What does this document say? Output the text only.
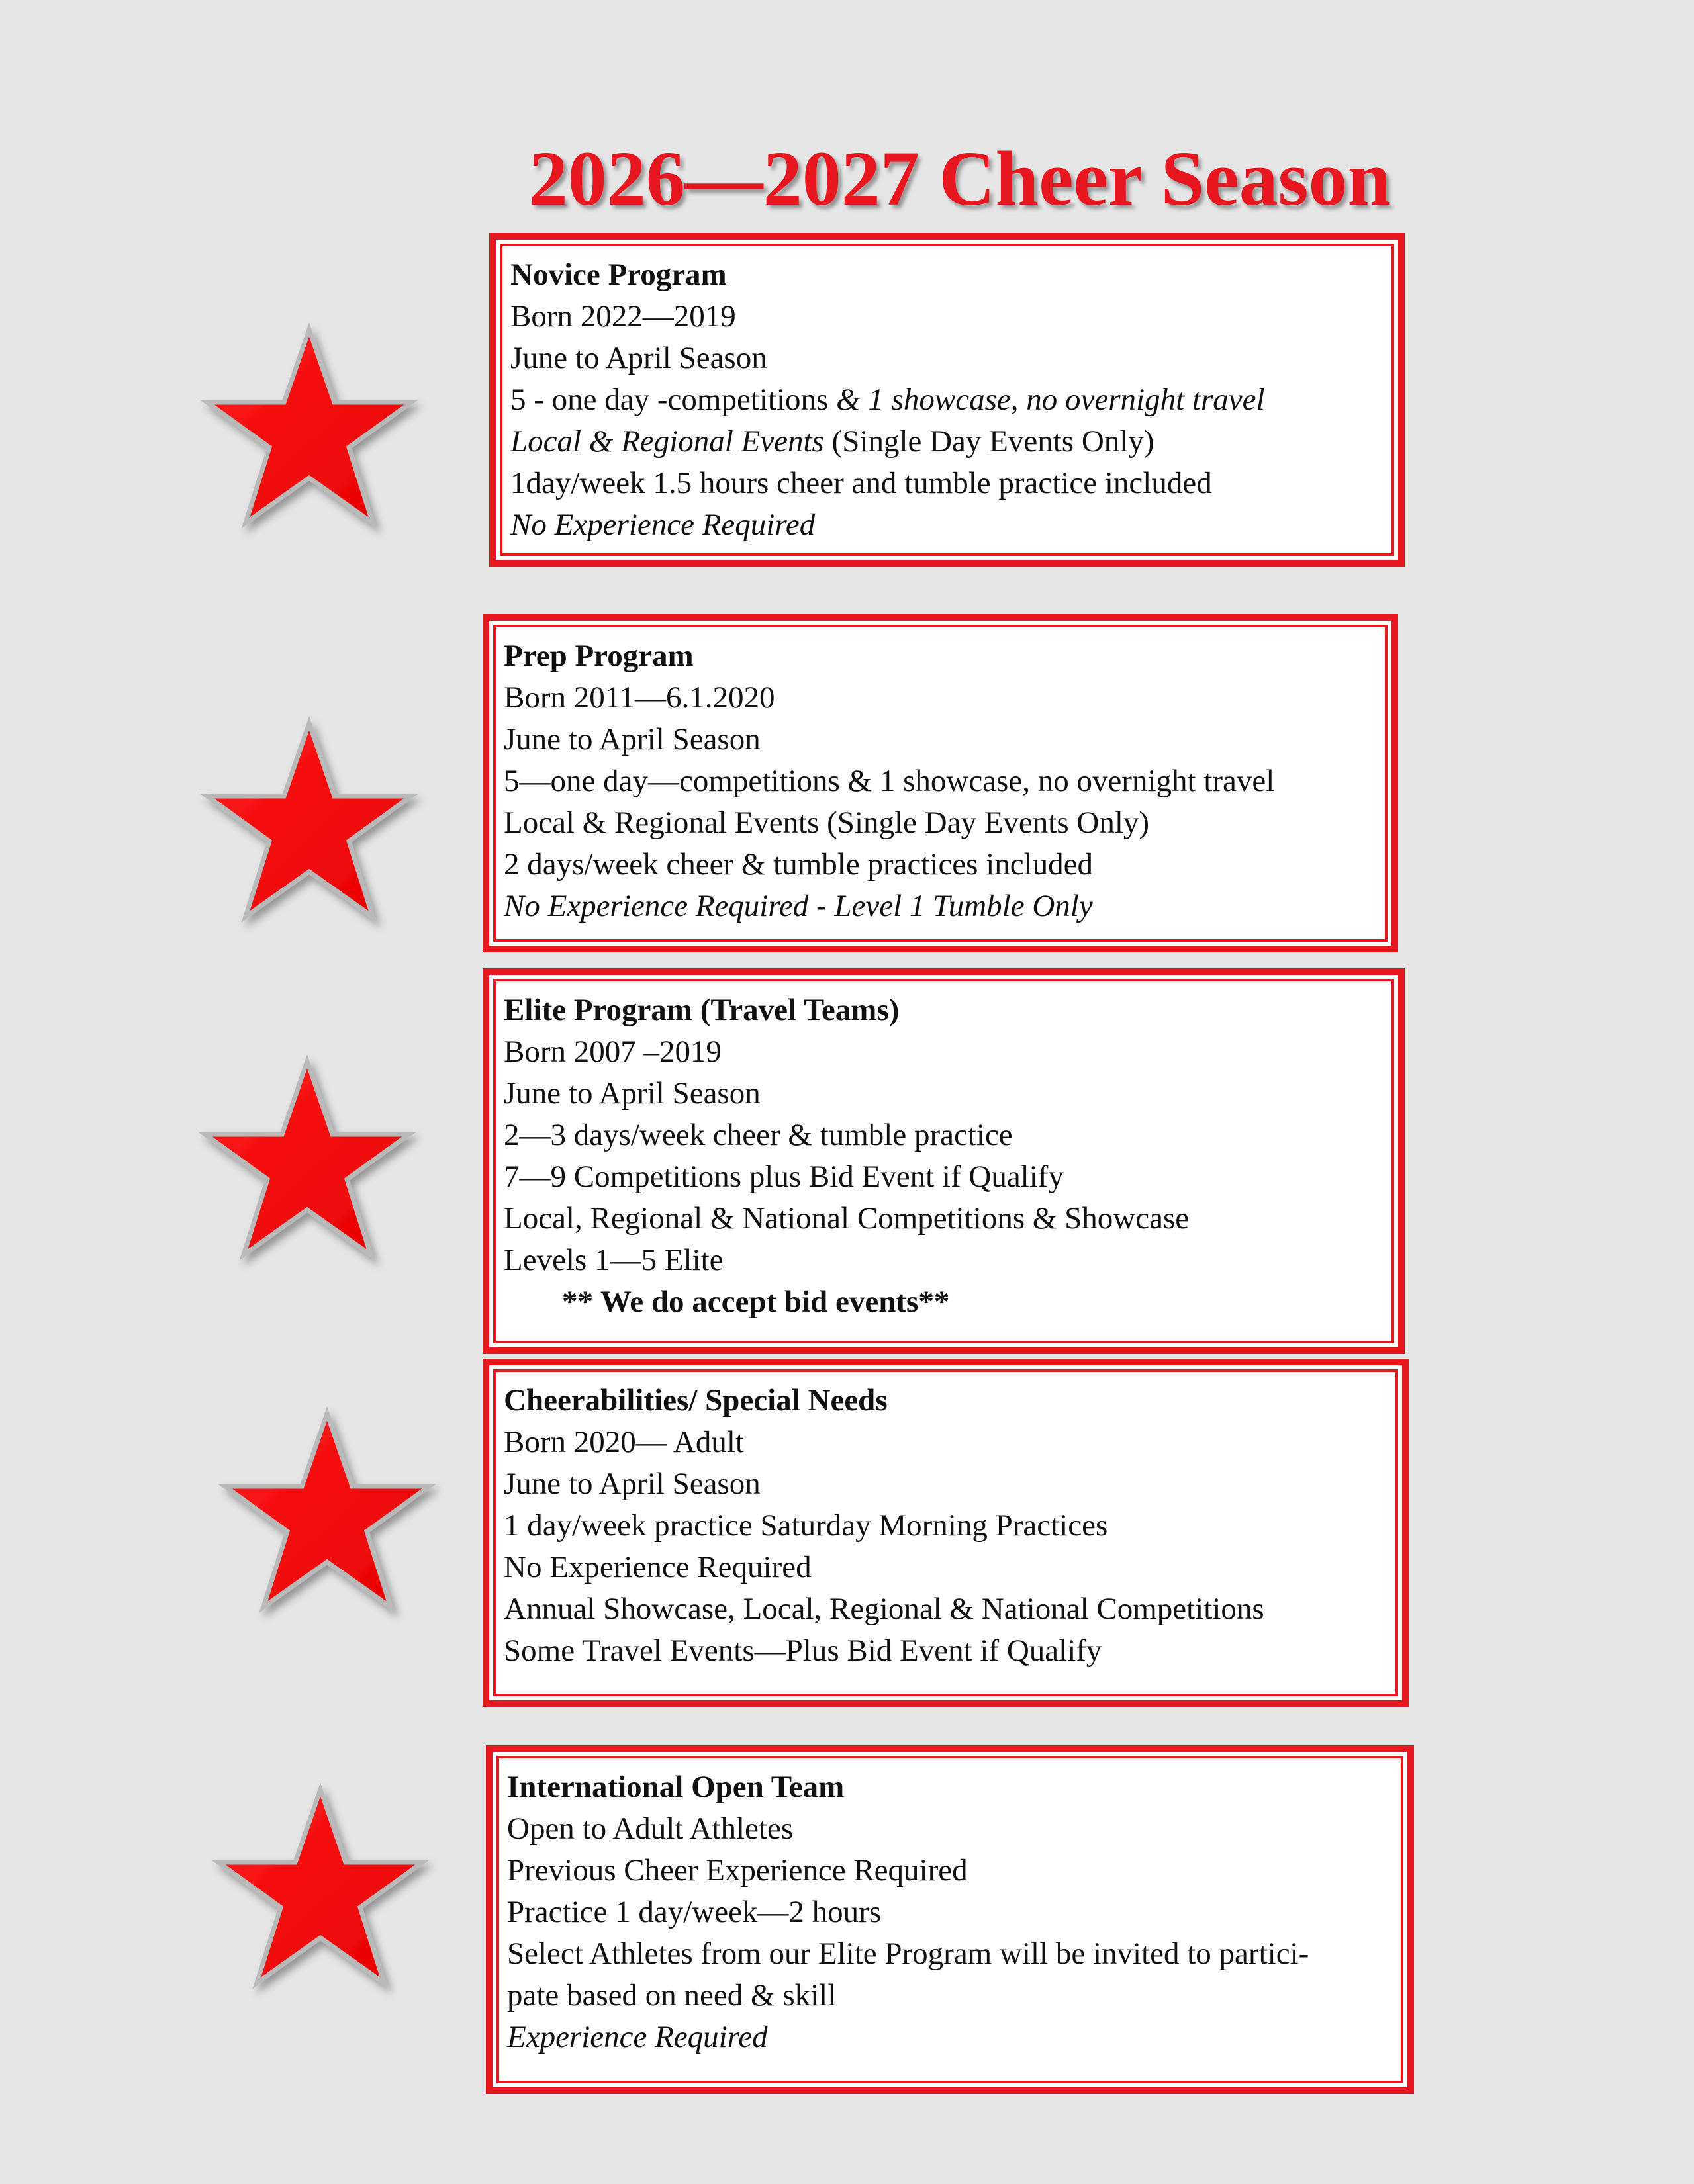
2026—2027 Cheer Season
Novice Program
Born 2022—2019
June to April Season
5 - one day -competitions & 1 showcase, no overnight travel
Local & Regional Events (Single Day Events Only)
1day/week 1.5 hours cheer and tumble practice included
No Experience Required
Prep Program
Born 2011—6.1.2020
June to April Season
5—one day—competitions & 1 showcase, no overnight travel
Local & Regional Events (Single Day Events Only)
2 days/week cheer & tumble practices included
No Experience Required - Level 1 Tumble Only
Elite Program (Travel Teams)
Born 2007 –2019
June to April Season
2—3 days/week cheer & tumble practice
7—9 Competitions plus Bid Event if Qualify
Local, Regional & National Competitions & Showcase
Levels 1—5 Elite
** We do accept bid events**
Cheerabilities/ Special Needs
Born 2020— Adult
June to April Season
1 day/week practice Saturday Morning Practices
No Experience Required
Annual Showcase, Local, Regional & National Competitions
Some Travel Events—Plus Bid Event if Qualify
International Open Team
Open to Adult Athletes
Previous Cheer Experience Required
Practice 1 day/week—2 hours
Select Athletes from our Elite Program will be invited to partici-
pate based on need & skill
Experience Required
